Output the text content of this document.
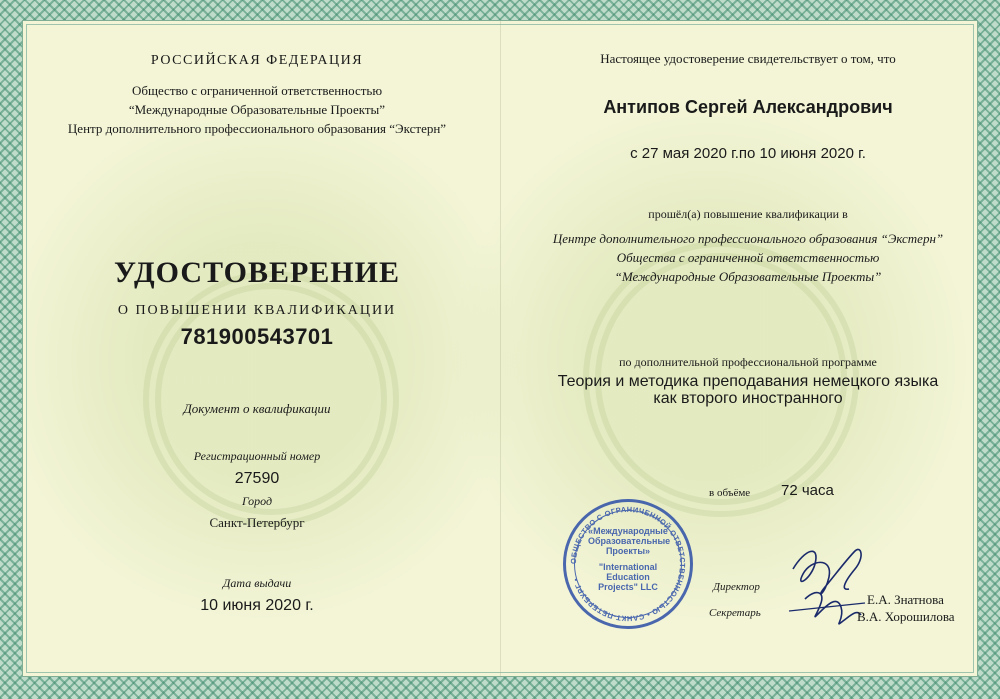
РОССИЙСКАЯ ФЕДЕРАЦИЯ
Общество с ограниченной ответственностью
“Международные Образовательные Проекты”
Центр дополнительного профессионального образования “Экстерн”
УДОСТОВЕРЕНИЕ
О ПОВЫШЕНИИ КВАЛИФИКАЦИИ
781900543701
Документ о квалификации
Регистрационный номер
27590
Город
Санкт-Петербург
Дата выдачи
10 июня 2020 г.
Настоящее удостоверение свидетельствует о том, что
Антипов Сергей Александрович
с 27 мая 2020 г.по 10 июня 2020 г.
прошёл(а) повышение квалификации в
Центре дополнительного профессионального образования “Экстерн”
Общества с ограниченной ответственностью
“Международные Образовательные Проекты”
по дополнительной профессиональной программе
Теория и методика преподавания немецкого языка
как второго иностранного
в объёме 72 часа
ОБЩЕСТВО С ОГРАНИЧЕННОЙ ОТВЕТСТВЕННОСТЬЮ • САНКТ-ПЕТЕРБУРГ •
«Международные Образовательные Проекты»
"International Education Projects" LLC	Директор
Секретарь
Е.А. Знатнова
В.А. Хорошилова
